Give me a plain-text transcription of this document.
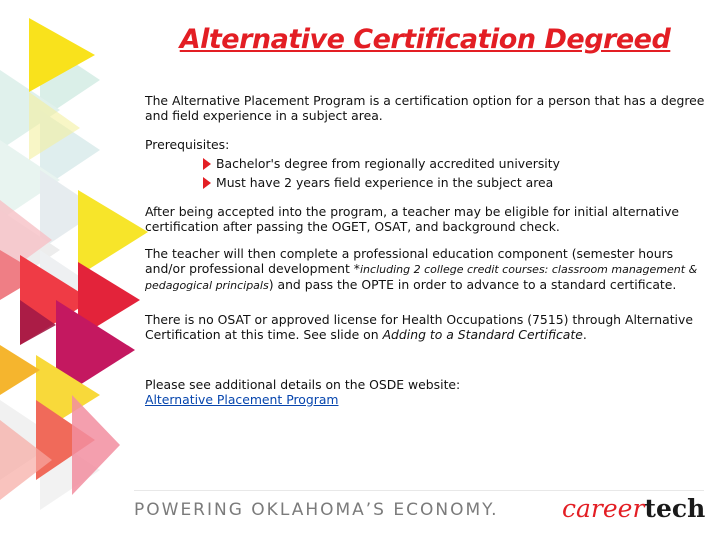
Alternative Certification Degreed

The Alternative Placement Program is a certification option for a person that has a degree and field experience in a subject area.

Prerequisites:

Bachelor's degree from regionally accredited university
Must have 2 years field experience in the subject area

After being accepted into the program, a teacher may be eligible for initial alternative certification after passing the OGET, OSAT, and background check.

The teacher will then complete a professional education component (semester hours and/or professional development *including 2 college credit courses: classroom management & pedagogical principals) and pass the OPTE in order to advance to a standard certificate.

There is no OSAT or approved license for Health Occupations (7515) through Alternative Certification at this time. See slide on Adding to a Standard Certificate.

Please see additional details on the OSDE website:

Alternative Placement Program
POWERING OKLAHOMA’S ECONOMY.	careertech
